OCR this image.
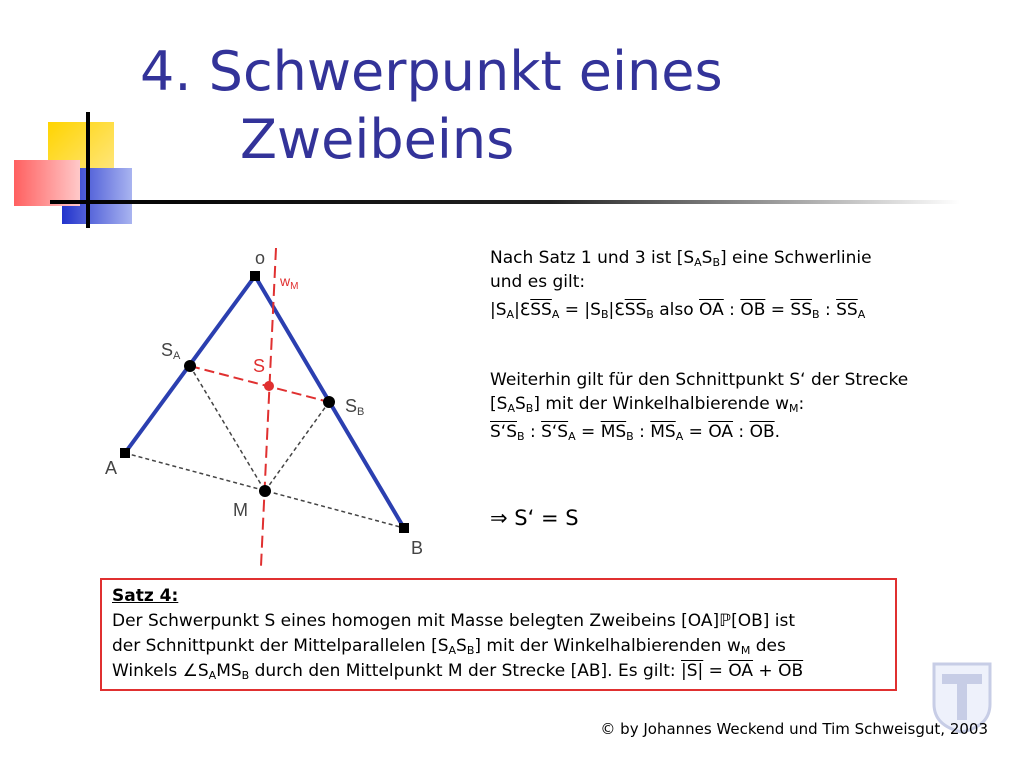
4. Schwerpunkt eines
Zweibeins
o
$w_M$
SA	S
SB
A
M
B
Nach Satz 1 und 3 ist $[S_AS_B]$ eine Schwerlinie
und es gilt:
$|S_A|ℇ\overline{SS}_A$ = $|S_B|ℇ\overline{SS}_B$ also $\overline{OA}$ : $\overline{OB} = \overline{SS}_B$ : $\overline{SS}_A$
Weiterhin gilt für den Schnittpunkt S‘ der Strecke
$[S_AS_B]$ mit der Winkelhalbierende $w_M$:
$S‘S_B$ : $S‘S_A = \overline{MS}_B$ : $\overline{MS}_A = \overline{OA}$ : $\overline{OB}$.
⇒ S‘ = S
Satz 4:
Der Schwerpunkt S eines homogen mit Masse belegten Zweibeins [OA]ℙ[OB] ist
der Schnittpunkt der Mittelparallelen $[S_AS_B]$ mit der Winkelhalbierenden $w_M$ des
Winkels $\angle S_AMS_B$ durch den Mittelpunkt M der Strecke [AB]. Es gilt: $|S| = \overline{OA} + \overline{OB}$
© by Johannes Weckend und Tim Schweisgut, 2003
